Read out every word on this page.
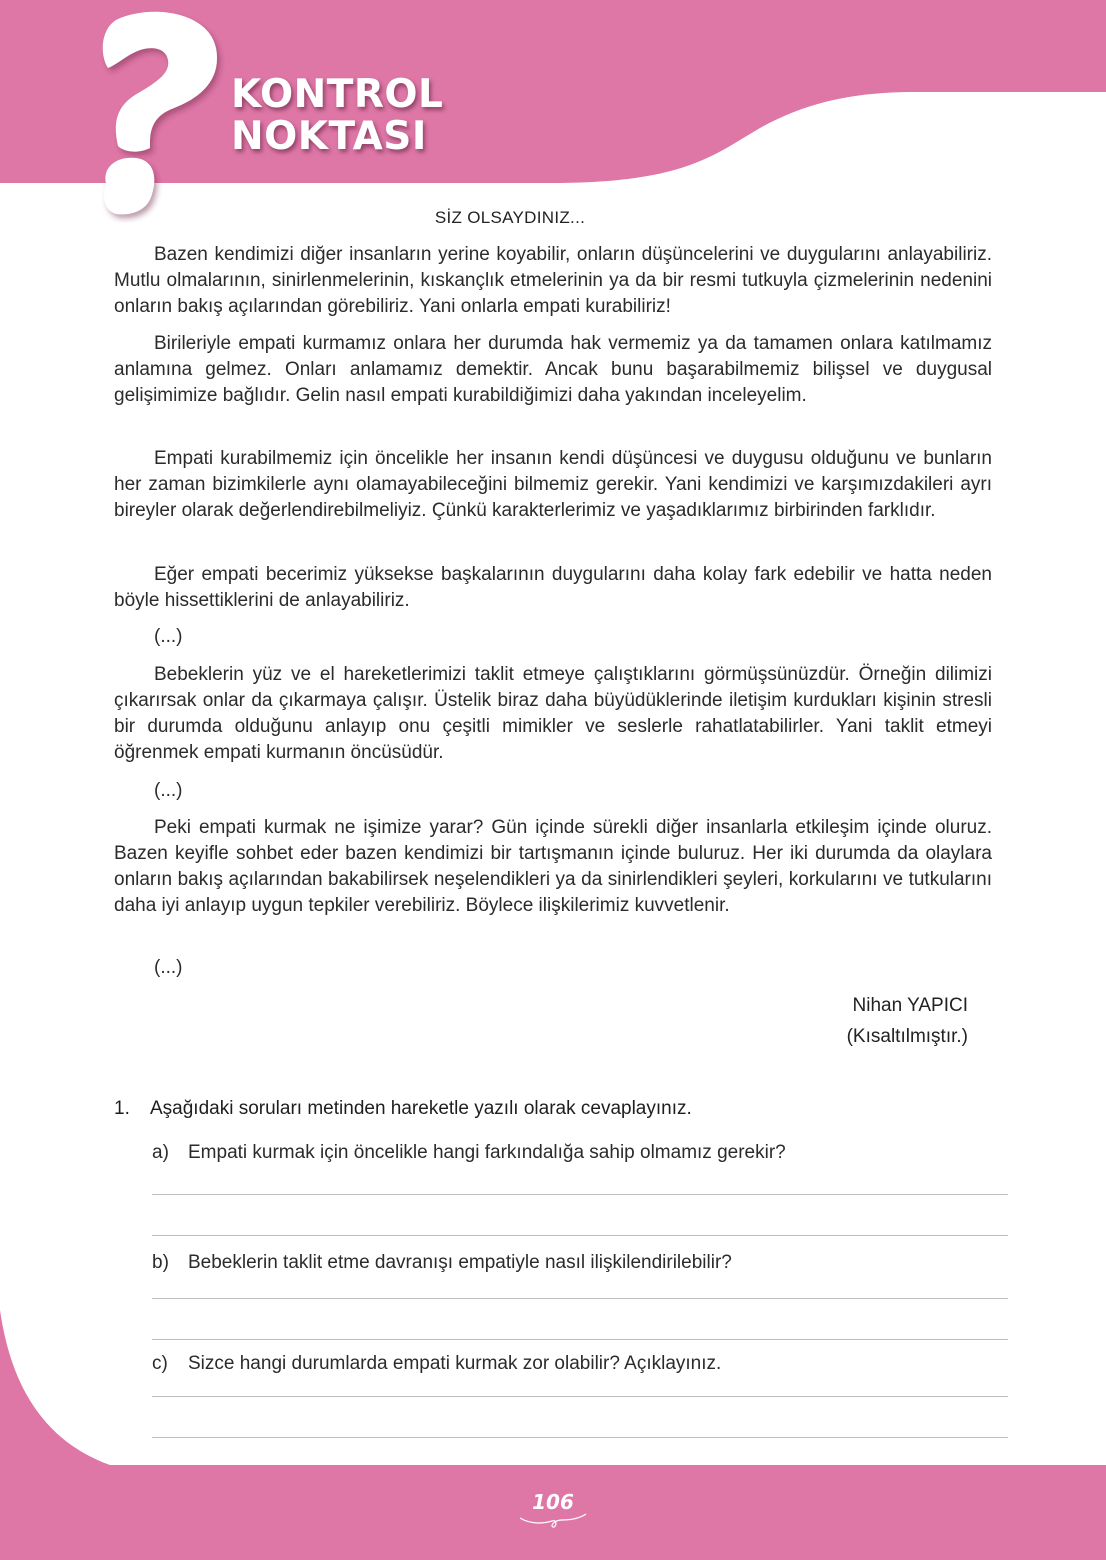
KONTROL
NOKTASI
SİZ OLSAYDINIZ...

Bazen kendimizi diğer insanların yerine koyabilir, onların düşüncelerini ve duygularını anlayabiliriz. Mutlu olmalarının, sinirlenmelerinin, kıskançlık etmelerinin ya da bir resmi tutkuyla çizmelerinin nedenini onların bakış açılarından görebiliriz. Yani onlarla empati kurabiliriz!

Birileriyle empati kurmamız onlara her durumda hak vermemiz ya da tamamen onlara katılmamız anlamına gelmez. Onları anlamamız demektir. Ancak bunu başarabilmemiz bilişsel ve duygusal gelişimimize bağlıdır. Gelin nasıl empati kurabildiğimizi daha yakından inceleyelim.

Empati kurabilmemiz için öncelikle her insanın kendi düşüncesi ve duygusu olduğunu ve bunların her zaman bizimkilerle aynı olamayabileceğini bilmemiz gerekir. Yani kendimizi ve karşımızdakileri ayrı bireyler olarak değerlendirebilmeliyiz. Çünkü karakterlerimiz ve yaşadıklarımız birbirinden farklıdır.

Eğer empati becerimiz yüksekse başkalarının duygularını daha kolay fark edebilir ve hatta neden böyle hissettiklerini de anlayabiliriz.

(...)

Bebeklerin yüz ve el hareketlerimizi taklit etmeye çalıştıklarını görmüşsünüzdür. Örneğin dilimizi çıkarırsak onlar da çıkarmaya çalışır. Üstelik biraz daha büyüdüklerinde iletişim kurdukları kişinin stresli bir durumda olduğunu anlayıp onu çeşitli mimikler ve seslerle rahatlatabilirler. Yani taklit etmeyi öğrenmek empati kurmanın öncüsüdür.

(...)

Peki empati kurmak ne işimize yarar? Gün içinde sürekli diğer insanlarla etkileşim içinde oluruz. Bazen keyifle sohbet eder bazen kendimizi bir tartışmanın içinde buluruz. Her iki durumda da olaylara onların bakış açılarından bakabilirsek neşelendikleri ya da sinirlendikleri şeyleri, korkularını ve tutkularını daha iyi anlayıp uygun tepkiler verebiliriz. Böylece ilişkilerimiz kuvvetlenir.

(...)
Nihan YAPICI
(Kısaltılmıştır.)
1. Aşağıdaki soruları metinden hareketle yazılı olarak cevaplayınız.
a) Empati kurmak için öncelikle hangi farkındalığa sahip olmamız gerekir?
b) Bebeklerin taklit etme davranışı empatiyle nasıl ilişkilendirilebilir?
c) Sizce hangi durumlarda empati kurmak zor olabilir? Açıklayınız.
106
